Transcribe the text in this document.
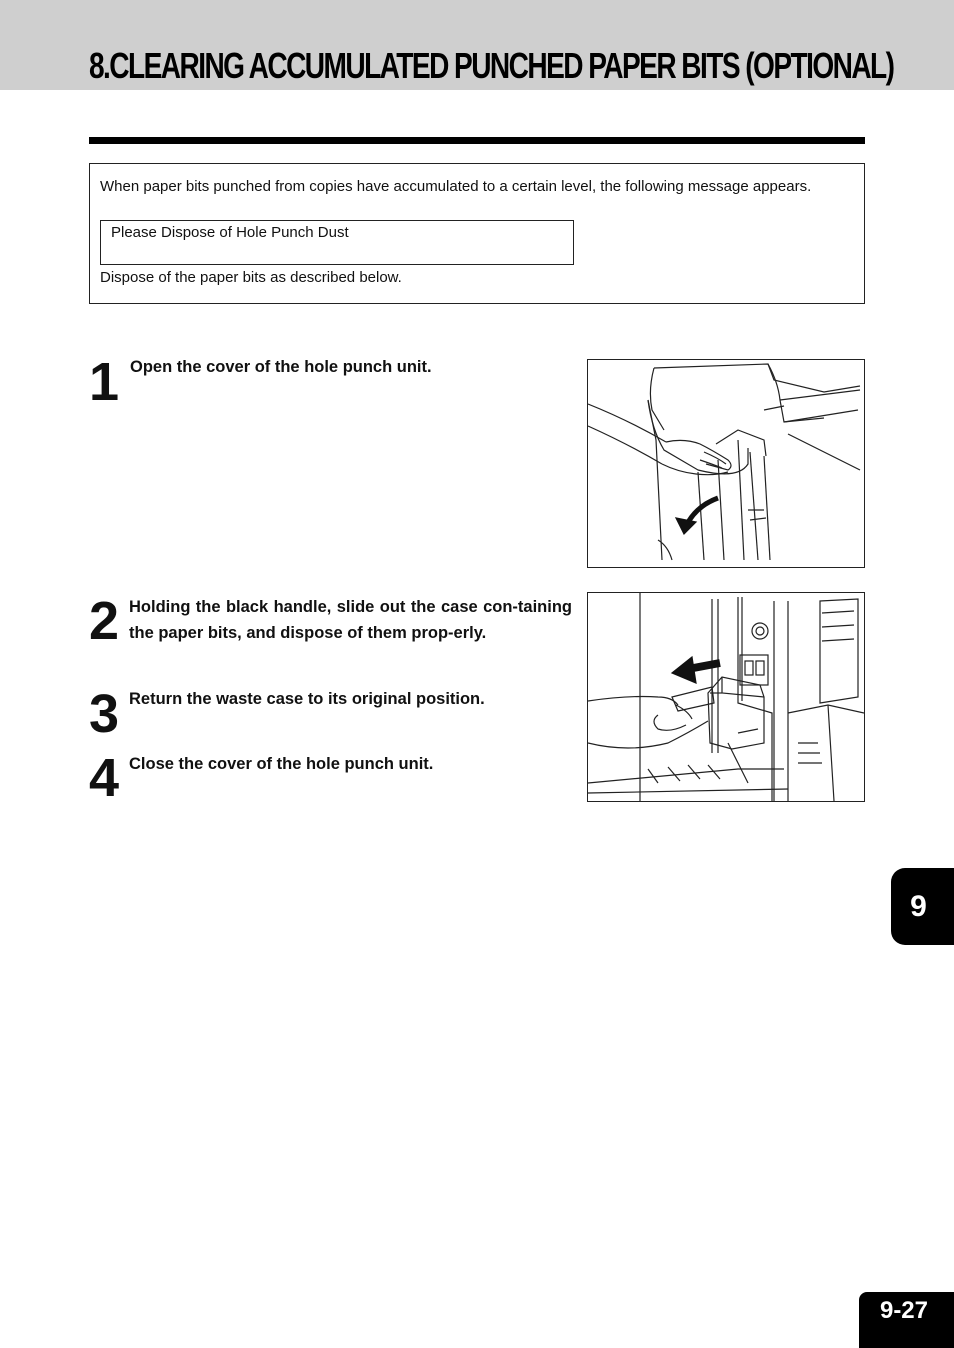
8.CLEARING ACCUMULATED PUNCHED PAPER BITS (OPTIONAL)
When paper bits punched from copies have accumulated to a certain level, the following message appears.
Please Dispose of Hole Punch Dust
Dispose of the paper bits as described below.
1 Open the cover of the hole punch unit.
2 Holding the black handle, slide out the case con-taining the paper bits, and dispose of them prop-erly.
3 Return the waste case to its original position.
4 Close the cover of the hole punch unit.
9
9-27
